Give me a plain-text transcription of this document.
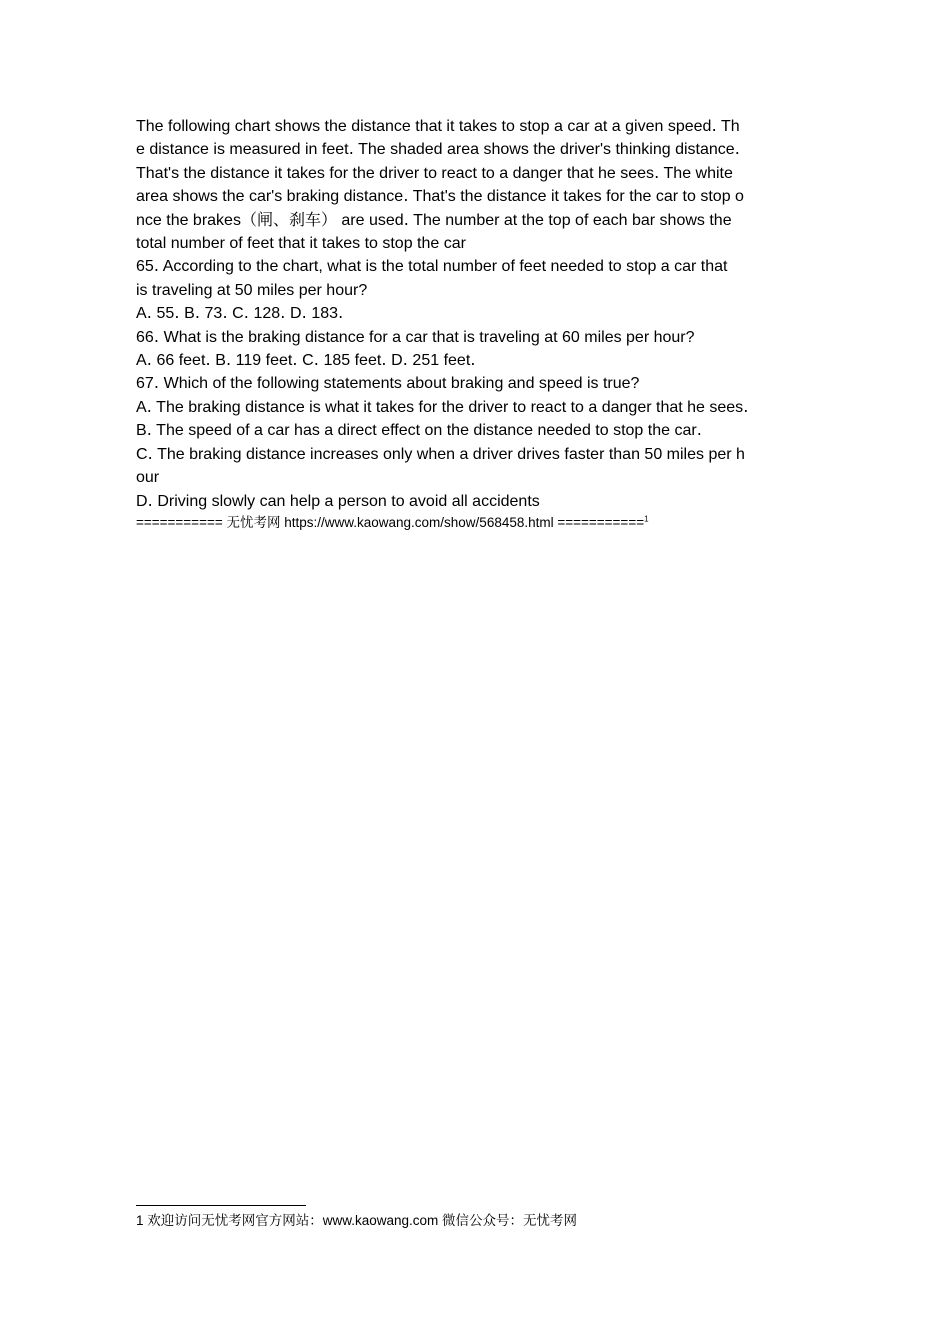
The following chart shows the distance that it takes to stop a car at a given speed․ Th
e distance is measured in feet․ The shaded area shows the driver's thinking distance․
That's the distance it takes for the driver to react to a danger that he sees․ The white
area shows the car's braking distance․ That's the distance it takes for the car to stop o
nce the brakes（闸、刹车） are used․ The number at the top of each bar shows the
total number of feet that it takes to stop the car
65․ According to the chart, what is the total number of feet needed to stop a car that
is traveling at 50 miles per hour?
A․ 55․ B․ 73․ C․ 128․ D․ 183․
66․ What is the braking distance for a car that is traveling at 60 miles per hour?
A․ 66 feet․ B․ 119 feet․ C․ 185 feet․ D․ 251 feet․
67․ Which of the following statements about braking and speed is true?
A․ The braking distance is what it takes for the driver to react to a danger that he sees․
B․ The speed of a car has a direct effect on the distance needed to stop the car․
C․ The braking distance increases only when a driver drives faster than 50 miles per h
our
D․ Driving slowly can help a person to avoid all accidents
=========== 无忧考网 https://www.kaowang.com/show/568458.html ===========$^1$
1 欢迎访问无忧考网官方网站：www.kaowang.com 微信公众号：无忧考网
